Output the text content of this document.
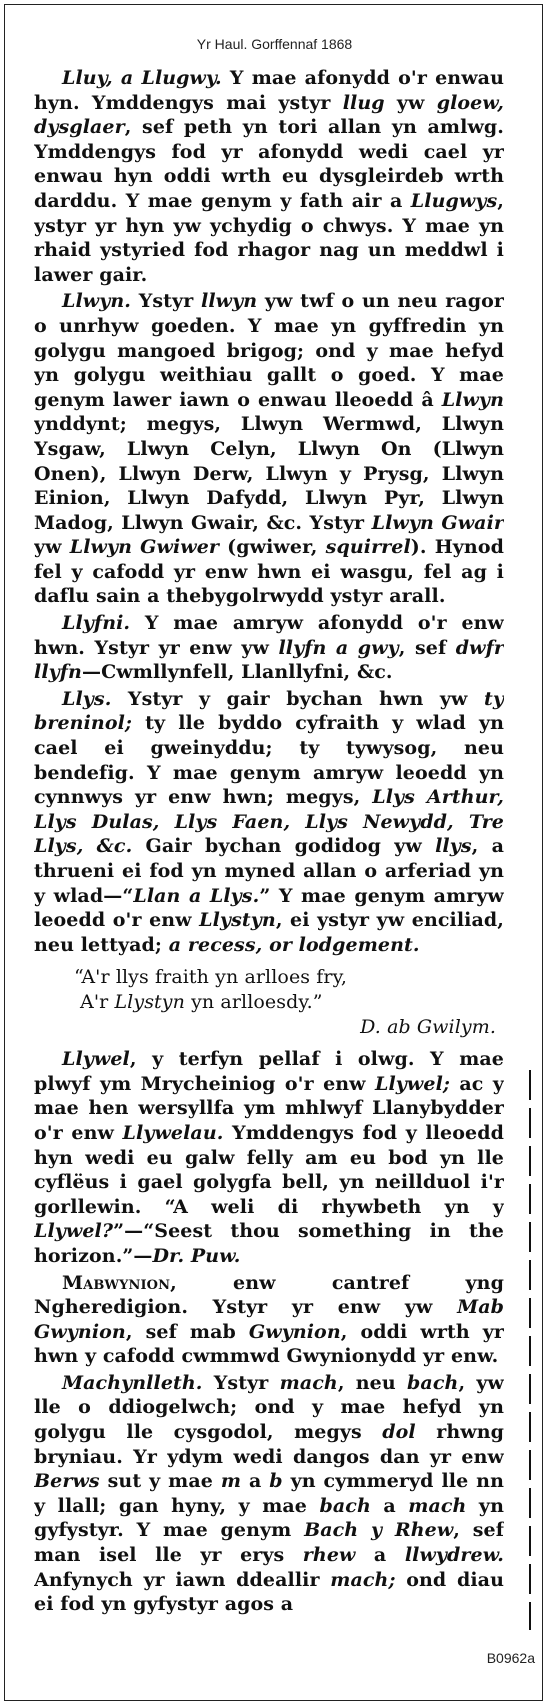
Yr Haul. Gorffennaf 1868

Lluy, a Llugwy. Y mae afonydd o'r enwau hyn. Ymddengys mai ystyr llug yw gloew, dysglaer, sef peth yn tori allan yn amlwg. Ymddengys fod yr afonydd wedi cael yr enwau hyn oddi wrth eu dysgleirdeb wrth darddu. Y mae genym y fath air a Llugwys, ystyr yr hyn yw ychydig o chwys. Y mae yn rhaid ystyried fod rhagor nag un meddwl i lawer gair.

Llwyn. Ystyr llwyn yw twf o un neu ragor o unrhyw goeden. Y mae yn gyffredin yn golygu mangoed brigog; ond y mae hefyd yn golygu weithiau gallt o goed. Y mae genym lawer iawn o enwau lleoedd â Llwyn ynddynt; megys, Llwyn Wermwd, Llwyn Ysgaw, Llwyn Celyn, Llwyn On (Llwyn Onen), Llwyn Derw, Llwyn y Prysg, Llwyn Einion, Llwyn Dafydd, Llwyn Pyr, Llwyn Madog, Llwyn Gwair, &c. Ystyr Llwyn Gwair yw Llwyn Gwiwer (gwiwer, squirrel). Hynod fel y cafodd yr enw hwn ei wasgu, fel ag i daflu sain a thebygolrwydd ystyr arall.

Llyfni. Y mae amryw afonydd o'r enw hwn. Ystyr yr enw yw llyfn a gwy, sef dwfr llyfn—Cwmllynfell, Llanllyfni, &c.

Llys. Ystyr y gair bychan hwn yw ty breninol; ty lle byddo cyfraith y wlad yn cael ei gweinyddu; ty tywysog, neu bendefig. Y mae genym amryw leoedd yn cynnwys yr enw hwn; megys, Llys Arthur, Llys Dulas, Llys Faen, Llys Newydd, Tre Llys, &c. Gair bychan godidog yw llys, a thrueni ei fod yn myned allan o arferiad yn y wlad—“Llan a Llys.” Y mae genym amryw leoedd o'r enw Llystyn, ei ystyr yw enciliad, neu lettyad; a recess, or lodgement.

“A'r llys fraith yn arlloes fry,
A'r Llystyn yn arlloesdy.”
D. ab Gwilym.

Llywel, y terfyn pellaf i olwg. Y mae plwyf ym Mrycheiniog o'r enw Llywel; ac y mae hen wersyllfa ym mhlwyf Llanybydder o'r enw Llywelau. Ymddengys fod y lleoedd hyn wedi eu galw felly am eu bod yn lle cyflëus i gael golygfa bell, yn neillduol i'r gorllewin. “A weli di rhywbeth yn y Llywel?”—“Seest thou something in the horizon.”—Dr. Puw.

Mabwynion, enw cantref yng Ngheredigion. Ystyr yr enw yw Mab Gwynion, sef mab Gwynion, oddi wrth yr hwn y cafodd cwmmwd Gwynionydd yr enw.

Machynlleth. Ystyr mach, neu bach, yw lle o ddiogelwch; ond y mae hefyd yn golygu lle cysgodol, megys dol rhwng bryniau. Yr ydym wedi dangos dan yr enw Berws sut y mae m a b yn cymmeryd lle nn y llall; gan hyny, y mae bach a mach yn gyfystyr. Y mae genym Bach y Rhew, sef man isel lle yr erys rhew a llwydrew. Anfynych yr iawn ddeallir mach; ond diau ei fod yn gyfystyr agos a

B0962a
